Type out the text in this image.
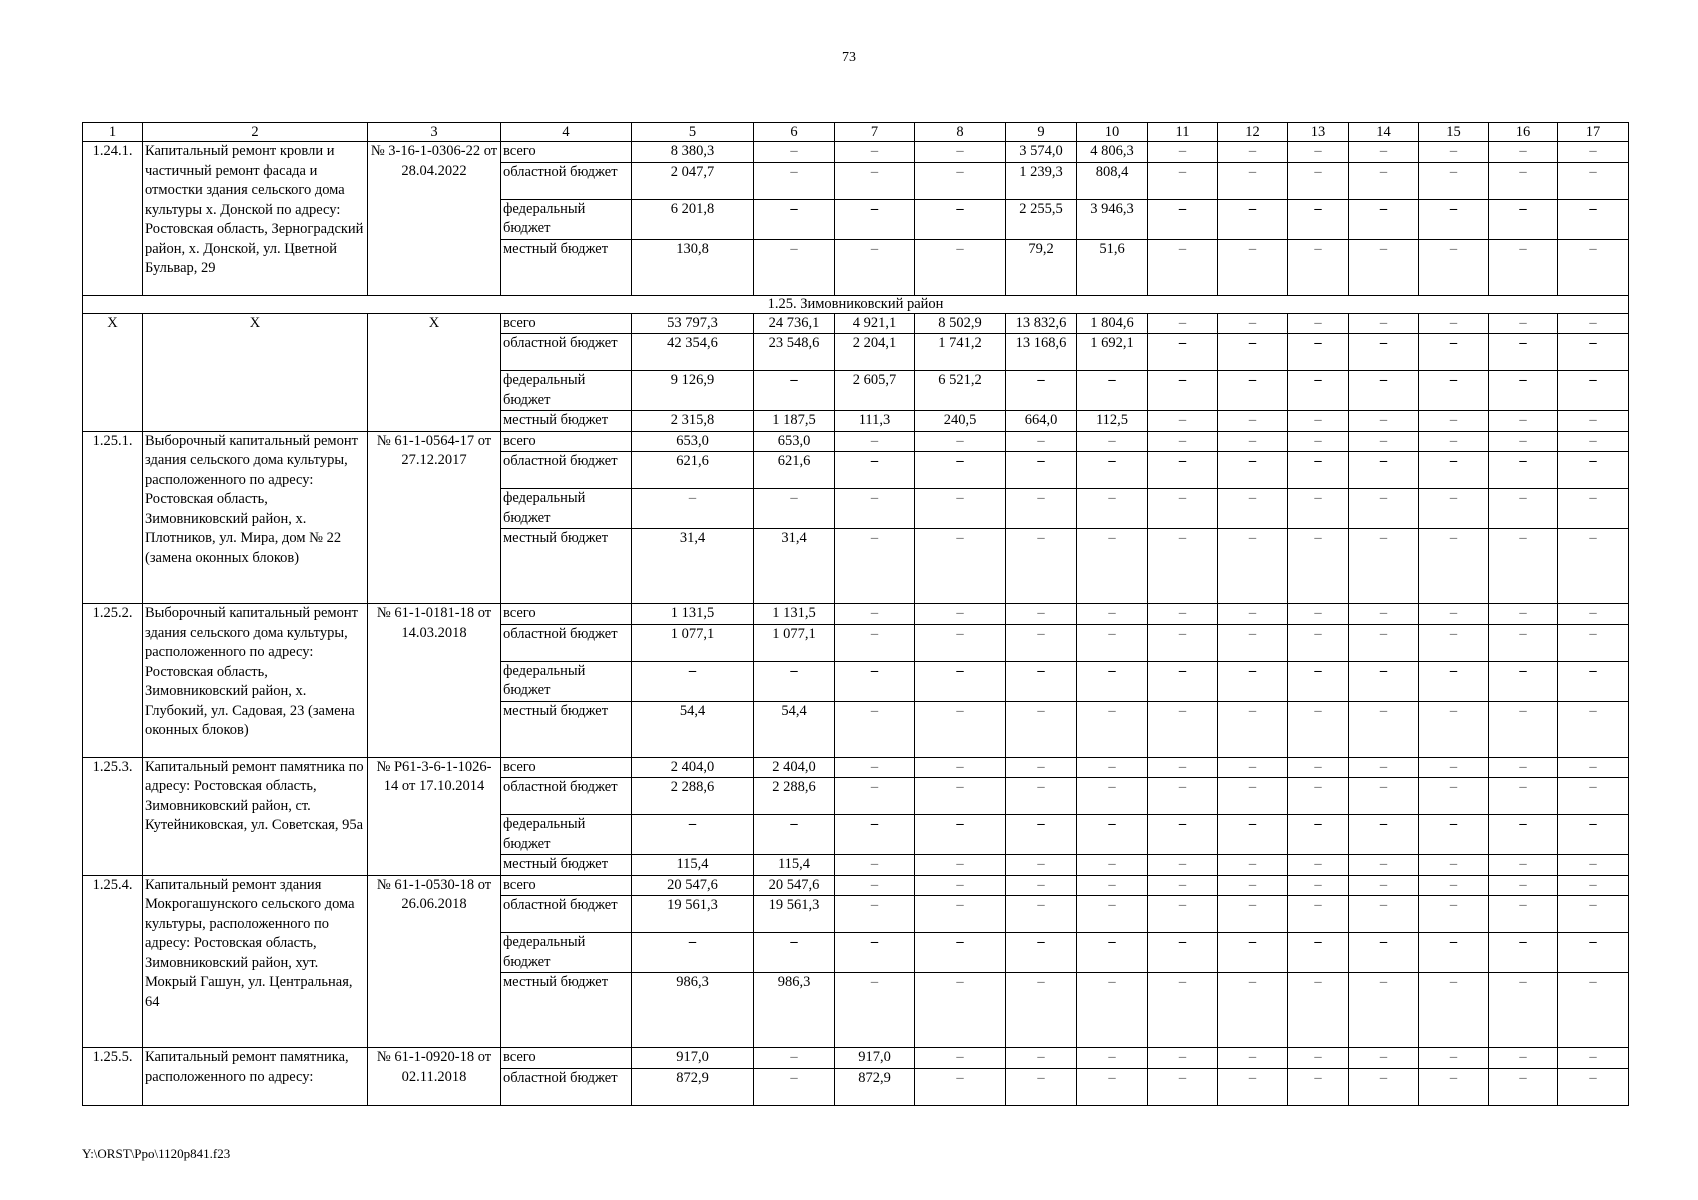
73
1	2	3	4	5	6	7	8	9	10	11	12	13	14	15	16	17
1.24.1.	Капитальный ремонт кровли и частичный ремонт фасада и отмостки здания сельского дома культуры х. Донской по адресу: Ростовская область, Зерноградский район, х. Донской, ул. Цветной Бульвар, 29	№ 3-16-1-0306-22 от 28.04.2022	всего	8 380,3	–	–	–	3 574,0	4 806,3	–	–	–	–	–	–	–
			областной бюджет	2 047,7	–	–	–	1 239,3	808,4	–	–	–	–	–	–	–
			федеральный бюджет	6 201,8	–	–	–	2 255,5	3 946,3	–	–	–	–	–	–	–
			местный бюджет	130,8	–	–	–	79,2	51,6	–	–	–	–	–	–	–
1.25. Зимовниковский район																
X	X	X	всего	53 797,3	24 736,1	4 921,1	8 502,9	13 832,6	1 804,6	–	–	–	–	–	–	–
			областной бюджет	42 354,6	23 548,6	2 204,1	1 741,2	13 168,6	1 692,1	–	–	–	–	–	–	–
			федеральный бюджет	9 126,9	–	2 605,7	6 521,2	–	–	–	–	–	–	–	–	–
			местный бюджет	2 315,8	1 187,5	111,3	240,5	664,0	112,5	–	–	–	–	–	–	–
1.25.1.	Выборочный капитальный ремонт здания сельского дома культуры, расположенного по адресу: Ростовская область, Зимовниковский район, х. Плотников, ул. Мира, дом № 22 (замена оконных блоков)	№ 61-1-0564-17 от 27.12.2017	всего	653,0	653,0	–	–	–	–	–	–	–	–	–	–	–
			областной бюджет	621,6	621,6	–	–	–	–	–	–	–	–	–	–	–
			федеральный бюджет	–	–	–	–	–	–	–	–	–	–	–	–	–
			местный бюджет	31,4	31,4	–	–	–	–	–	–	–	–	–	–	–
1.25.2.	Выборочный капитальный ремонт здания сельского дома культуры, расположенного по адресу: Ростовская область, Зимовниковский район, х. Глубокий, ул. Садовая, 23 (замена оконных блоков)	№ 61-1-0181-18 от 14.03.2018	всего	1 131,5	1 131,5	–	–	–	–	–	–	–	–	–	–	–
			областной бюджет	1 077,1	1 077,1	–	–	–	–	–	–	–	–	–	–	–
			федеральный бюджет	–	–	–	–	–	–	–	–	–	–	–	–	–
			местный бюджет	54,4	54,4	–	–	–	–	–	–	–	–	–	–	–
1.25.3.	Капитальный ремонт памятника по адресу: Ростовская область, Зимовниковский район, ст. Кутейниковская, ул. Советская, 95а	№ Р61-3-6-1-1026-14 от 17.10.2014	всего	2 404,0	2 404,0	–	–	–	–	–	–	–	–	–	–	–
			областной бюджет	2 288,6	2 288,6	–	–	–	–	–	–	–	–	–	–	–
			федеральный бюджет	–	–	–	–	–	–	–	–	–	–	–	–	–
			местный бюджет	115,4	115,4	–	–	–	–	–	–	–	–	–	–	–
1.25.4.	Капитальный ремонт здания Мокрогашунского сельского дома культуры, расположенного по адресу: Ростовская область, Зимовниковский район, хут. Мокрый Гашун, ул. Центральная, 64	№ 61-1-0530-18 от 26.06.2018	всего	20 547,6	20 547,6	–	–	–	–	–	–	–	–	–	–	–
			областной бюджет	19 561,3	19 561,3	–	–	–	–	–	–	–	–	–	–	–
			федеральный бюджет	–	–	–	–	–	–	–	–	–	–	–	–	–
			местный бюджет	986,3	986,3	–	–	–	–	–	–	–	–	–	–	–
1.25.5.	Капитальный ремонт памятника, расположенного по адресу:	№ 61-1-0920-18 от 02.11.2018	всего	917,0	–	917,0	–	–	–	–	–	–	–	–	–	–
			областной бюджет	872,9	–	872,9	–	–	–	–	–	–	–	–	–	–
Y:\ORST\Ppo\1120p841.f23
